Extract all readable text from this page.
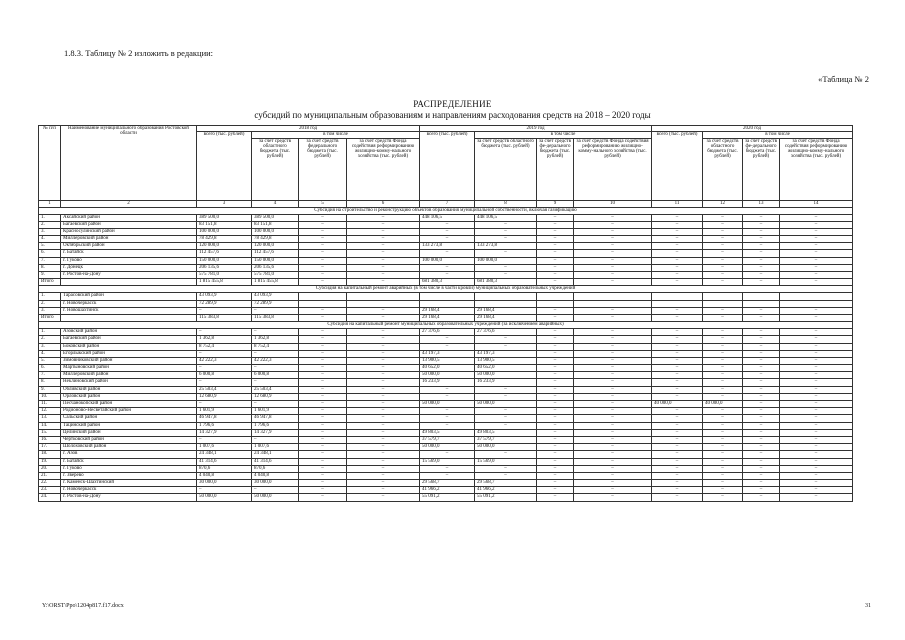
1.8.3. Таблицу № 2 изложить в редакции:
«Таблица № 2
РАСПРЕДЕЛЕНИЕ
субсидий по муниципальным образованиям и направлениям расходования средств на 2018 – 2020 годы
№ п/п	Наименование муниципального образования Ростовской области	2018 год				2019 год				2020 год			
		всего (тыс. рублей)	в том числе			всего (тыс. рублей)	в том числе			всего (тыс. рублей)	в том числе		
			за счет средств областного бюджета (тыс. рублей)	за счет средств федерального бюджета (тыс. рублей)	за счет средств Фонда содействия реформированию жилищно-комму-нального хозяйства (тыс. рублей)		за счет средств областного бюджета (тыс. рублей)	за счет средств фе-дерального бюджета (тыс. рублей)	за счет средств Фонда содействия реформированию жилищно-комму-нального хозяйства (тыс. рублей)		за счет средств областного бюджета (тыс. рублей)	за счет средств фе-дерального бюджета (тыс. рублей)	за счет средств Фонда содействия реформированию жилищно-комму-нального хозяйства (тыс. рублей)
1	2	3	4	5	6	7	8	9	10	11	12	13	14
Субсидия на строительство и реконструкцию объектов образования муниципальной собственности, включая газификацию													
1.	Аксайский район	389 500,0	389 500,0	–	–	448 106,5	448 106,5	–	–	–	–	–	–
2.	Багаевский район	83 151,8	83 151,8	–	–	–	–	–	–	–	–	–	–
3.	Красносулинский район	100 000,0	100 000,0	–	–	–	–	–	–	–	–	–	–
4.	Миллеровский район	78 429,8	78 429,8	–	–	–	–	–	–	–	–	–	–
5.	Октябрьский район	120 000,0	120 000,0	–	–	133 273,8	133 273,8	–	–	–	–	–	–
6.	г. Батайск	112 457,6	112 457,6	–	–	–	–	–	–	–	–	–	–
7.	г. Гуково	150 000,0	150 000,0	–	–	100 000,0	100 000,0	–	–	–	–	–	–
8.	г. Донецк	206 135,6	206 135,6	–	–	–	–	–	–	–	–	–	–
9.	г. Ростов-на-Дону	575 781,0	575 781,0	–	–	–	–	–	–	–	–	–	–
Итого		1 815 455,8	1 815 455,8	–	–	681 380,3	681 380,3	–	–	–	–	–	–
Субсидия на капитальный ремонт аварийных (в том числе в части кровли) муниципальных образовательных учреждений													
1.	Тарасовский район	43 093,9	43 093,9										
2.	г. Новочеркасск	72 289,9	72 289,9										
3.	г. Новошахтинск	–	–	–	–	29 168,4	29 168,4	–	–	–	–	–	–
Итого		115 383,8	115 383,8	–	–	29 168,4	29 168,4	–	–	–	–	–	–
Субсидия на капитальный ремонт муниципальных образовательных учреждений (за исключением аварийных)													
1.	Азовский район	–	–	–	–	27 376,6	27 376,6	–	–	–	–	–	–
2.	Багаевский район	1 362,8	1 362,8	–	–	–	–	–	–	–	–	–	–
3.	Боковский район	8 752,4	8 752,4	–	–	–	–	–	–	–	–	–	–
4.	Егорлыкский район	–	–	–	–	43 197,3	43 197,3	–	–	–	–	–	–
5.	Зимовниковский район	42 222,3	42 222,3	–	–	13 900,5	13 900,5	–	–	–	–	–	–
6.	Мартыновский район	–	–	–	–	40 652,0	40 652,0	–	–	–	–	–	–
7.	Миллеровский район	6 000,8	6 000,8	–	–	50 000,0	50 000,0	–	–	–	–	–	–
8.	Неклиновский район	–	–	–	–	16 233,9	16 233,9	–	–	–	–	–	–
9.	Обливский район	25 503,4	25 503,4	–	–	–	–	–	–	–	–	–	–
10.	Орловский район	12 680,9	12 680,9	–	–	–	–	–	–	–	–	–	–
11.	Песчанокопский район	–	–	–	–	50 000,0	50 000,0	–	–	40 000,0	40 000,0	–	–
12.	Родионово-Несветайский район	1 601,9	1 601,9	–	–	–	–	–	–	–	–	–	–
13.	Сальский район	46 947,8	46 947,8	–	–	–	–	–	–	–	–	–	–
14.	Тацинский район	1 796,6	1 796,6	–	–	–	–	–	–	–	–	–	–
15.	Целинский район	14 327,9	14 327,9	–	–	49 803,5	49 803,5	–	–	–	–	–	–
16.	Чертковский район	–	–	–	–	37 579,7	37 579,7	–	–	–	–	–	–
17.	Шолоховский район	1 007,6	1 007,6	–	–	50 000,0	50 000,0	–	–	–	–	–	–
18.	г. Азов	24 348,1	24 348,1	–	–	–	–	–	–	–	–	–	–
19.	г. Батайск	41 314,6	41 314,6	–	–	15 569,0	15 569,0	–	–	–	–	–	–
20.	г. Гуково	870,6	870,6	–	–	–	–	–	–	–	–	–	–
21.	г. Зверево	4 040,8	4 040,8	–	–	–	–	–	–	–	–	–	–
22.	г. Каменск-Шахтинский	30 000,0	30 000,0	–	–	29 568,7	29 568,7	–	–	–	–	–	–
23.	г. Новочеркасск	–	–	–	–	41 966,2	41 966,2	–	–	–	–	–	–
24.	г. Ростов-на-Дону	50 000,0	50 000,0	–	–	55 091,2	55 091,2	–	–	–	–	–	–
Y:\ORST\Ppo\1204p817.f17.docx	31
